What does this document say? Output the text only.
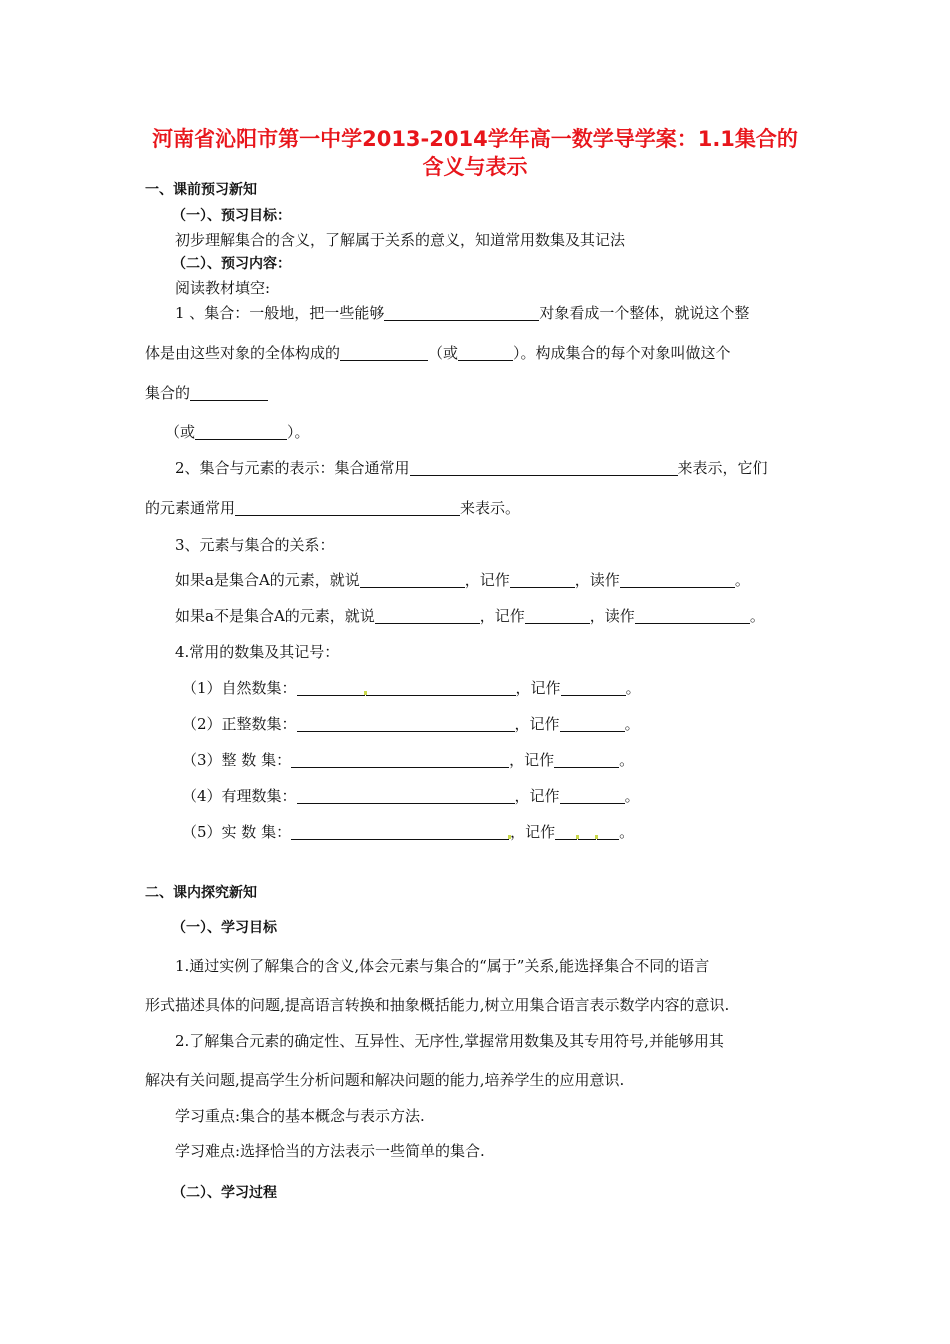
河南省沁阳市第一中学2013-2014学年高一数学导学案：1.1集合的
含义与表示
一、课前预习新知
（一）、预习目标：
初步理解集合的含义，了解属于关系的意义，知道常用数集及其记法
（二）、预习内容：
阅读教材填空:
1 、集合：一般地，把一些能够	对象看成一个整体，就说这个整
体是由这些对象的全体构成的	（或	）。构成集合的每个对象叫做这个
集合的
（或	）。
2、集合与元素的表示：集合通常用	来表示，它们
的元素通常用	来表示。
3、元素与集合的关系：
如果a是集合A的元素，就说	，记作	，读作	。
如果a不是集合A的元素，就说	，记作	，读作	。
4.常用的数集及其记号：
（1）自然数集：	，记作	。
（2）正整数集：	，记作	。
（3）整 数 集：	，记作	。
（4）有理数集：	，记作	。
（5）实 数 集：	，记作	。
二、课内探究新知
（一）、学习目标
1.通过实例了解集合的含义,体会元素与集合的“属于”关系,能选择集合不同的语言
形式描述具体的问题,提高语言转换和抽象概括能力,树立用集合语言表示数学内容的意识.
2.了解集合元素的确定性、互异性、无序性,掌握常用数集及其专用符号,并能够用其
解决有关问题,提高学生分析问题和解决问题的能力,培养学生的应用意识.
学习重点:集合的基本概念与表示方法.
学习难点:选择恰当的方法表示一些简单的集合.
（二）、学习过程
